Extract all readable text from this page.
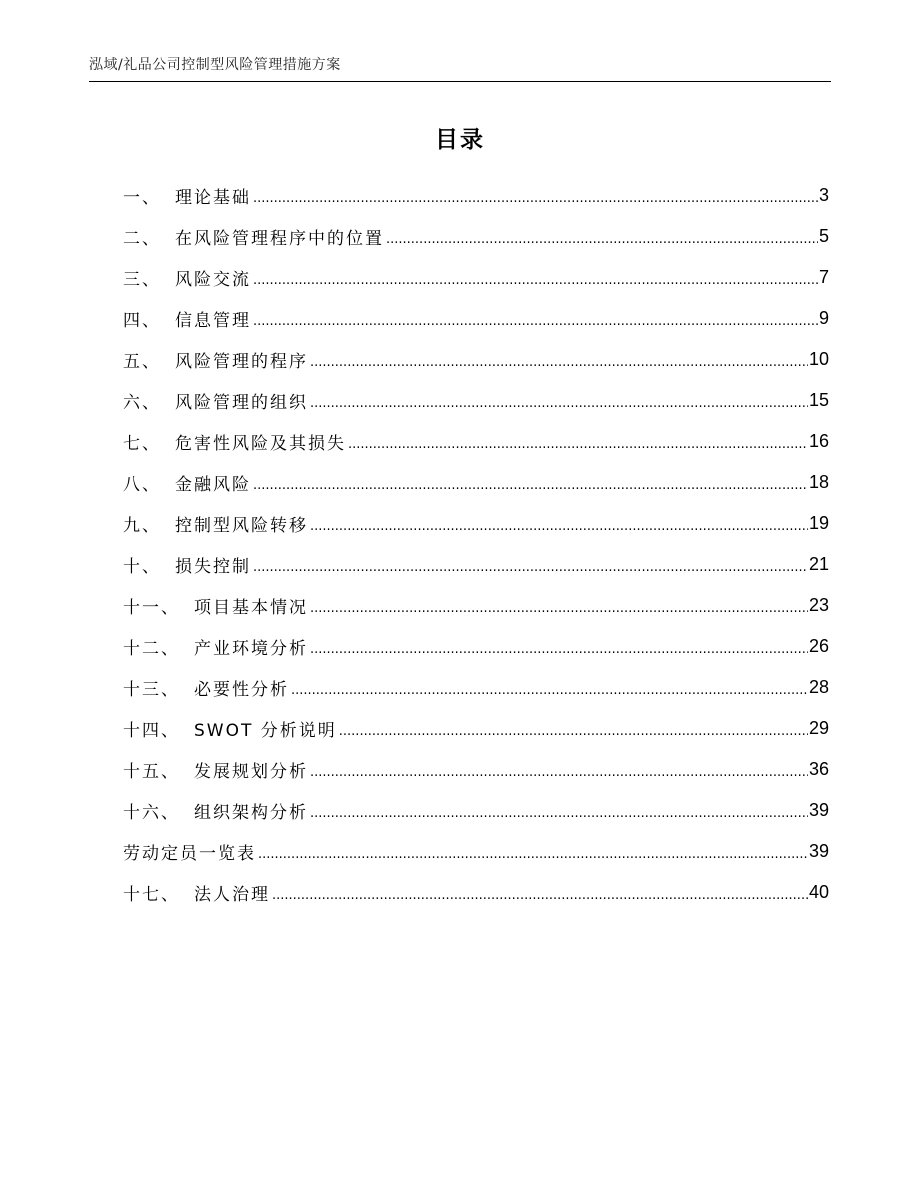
泓域/礼品公司控制型风险管理措施方案
目录
一、 理论基础 .....	3
二、 在风险管理程序中的位置 .....	5
三、 风险交流 .....	7
四、 信息管理 .....	9
五、 风险管理的程序 .....	10
六、 风险管理的组织 .....	15
七、 危害性风险及其损失 .....	16
八、 金融风险 .....	18
九、 控制型风险转移 .....	19
十、 损失控制 .....	21
十一、 项目基本情况 .....	23
十二、 产业环境分析 .....	26
十三、 必要性分析 .....	28
十四、 SWOT 分析说明 .....	29
十五、 发展规划分析 .....	36
十六、 组织架构分析 .....	39
劳动定员一览表 .....	39
十七、 法人治理 .....	40
